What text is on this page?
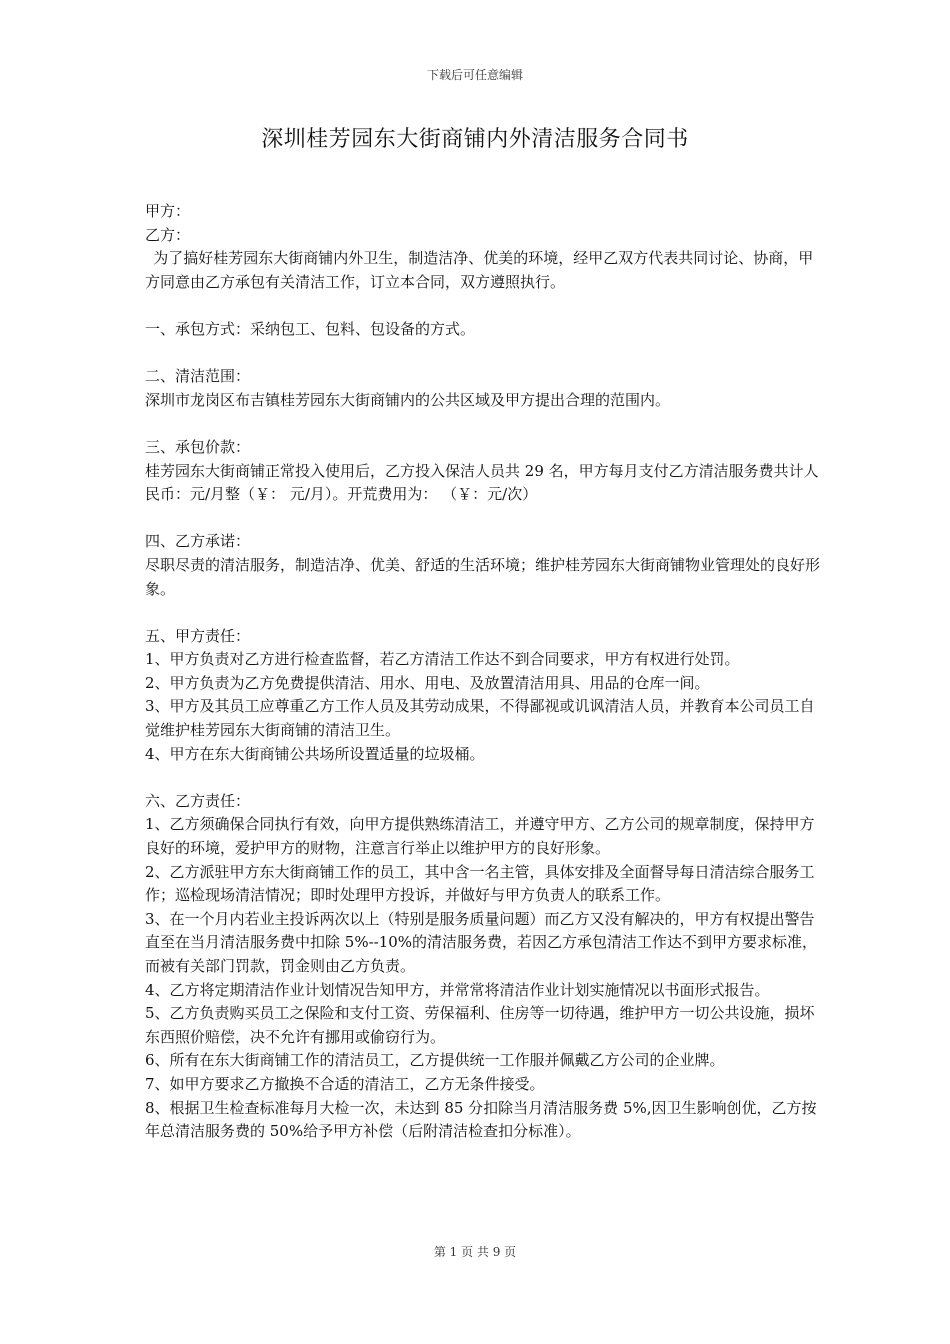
下载后可任意编辑
深圳桂芳园东大街商铺内外清洁服务合同书

甲方：

乙方：

为了搞好桂芳园东大街商铺内外卫生，制造洁净、优美的环境，经甲乙双方代表共同讨论、协商，甲方同意由乙方承包有关清洁工作，订立本合同，双方遵照执行。

一、承包方式：采纳包工、包料、包设备的方式。

二、清洁范围：

深圳市龙岗区布吉镇桂芳园东大街商铺内的公共区域及甲方提出合理的范围内。

三、承包价款：

桂芳园东大街商铺正常投入使用后，乙方投入保洁人员共 29 名，甲方每月支付乙方清洁服务费共计人民币：元/月整（￥： 元/月）。开荒费用为： （￥：元/次）

四、乙方承诺：

尽职尽责的清洁服务，制造洁净、优美、舒适的生活环境；维护桂芳园东大街商铺物业管理处的良好形象。

五、甲方责任：

1、甲方负责对乙方进行检查监督，若乙方清洁工作达不到合同要求，甲方有权进行处罚。

2、甲方负责为乙方免费提供清洁、用水、用电、及放置清洁用具、用品的仓库一间。

3、甲方及其员工应尊重乙方工作人员及其劳动成果，不得鄙视或讥讽清洁人员，并教育本公司员工自觉维护桂芳园东大街商铺的清洁卫生。

4、甲方在东大街商铺公共场所设置适量的垃圾桶。

六、乙方责任：

1、乙方须确保合同执行有效，向甲方提供熟练清洁工，并遵守甲方、乙方公司的规章制度，保持甲方良好的环境，爱护甲方的财物，注意言行举止以维护甲方的良好形象。

2、乙方派驻甲方东大街商铺工作的员工，其中含一名主管，具体安排及全面督导每日清洁综合服务工作；巡检现场清洁情况；即时处理甲方投诉，并做好与甲方负责人的联系工作。

3、在一个月内若业主投诉两次以上（特别是服务质量问题）而乙方又没有解决的，甲方有权提出警告直至在当月清洁服务费中扣除 5%--10%的清洁服务费，若因乙方承包清洁工作达不到甲方要求标准，而被有关部门罚款，罚金则由乙方负责。

4、乙方将定期清洁作业计划情况告知甲方，并常常将清洁作业计划实施情况以书面形式报告。

5、乙方负责购买员工之保险和支付工资、劳保福利、住房等一切待遇，维护甲方一切公共设施，损坏东西照价赔偿，决不允许有挪用或偷窃行为。

6、所有在东大街商铺工作的清洁员工，乙方提供统一工作服并佩戴乙方公司的企业牌。

7、如甲方要求乙方撤换不合适的清洁工，乙方无条件接受。

8、根据卫生检查标准每月大检一次，未达到 85 分扣除当月清洁服务费 5%,因卫生影响创优，乙方按年总清洁服务费的 50%给予甲方补偿（后附清洁检查扣分标准）。

第 1 页 共 9 页
